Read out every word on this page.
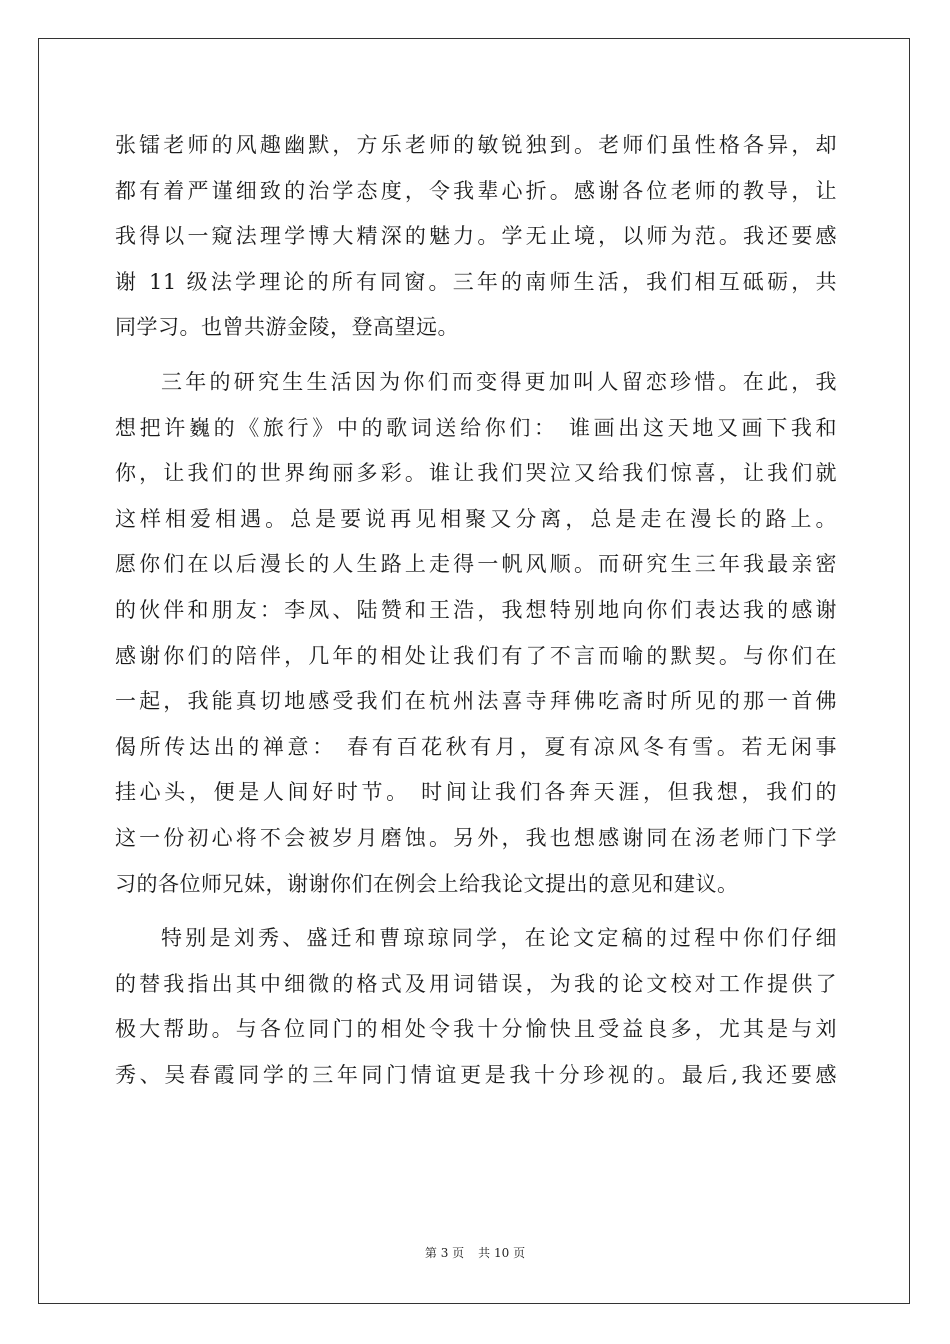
张镭老师的风趣幽默，方乐老师的敏锐独到。老师们虽性格各异，却
都有着严谨细致的治学态度，令我辈心折。感谢各位老师的教导，让
我得以一窥法理学博大精深的魅力。学无止境，以师为范。我还要感
谢 11 级法学理论的所有同窗。三年的南师生活，我们相互砥砺，共
同学习。也曾共游金陵，登高望远。
三年的研究生生活因为你们而变得更加叫人留恋珍惜。在此，我
想把许巍的《旅行》中的歌词送给你们： 谁画出这天地又画下我和
你，让我们的世界绚丽多彩。谁让我们哭泣又给我们惊喜，让我们就
这样相爱相遇。总是要说再见相聚又分离，总是走在漫长的路上。
愿你们在以后漫长的人生路上走得一帆风顺。而研究生三年我最亲密
的伙伴和朋友：李凤、陆赞和王浩，我想特别地向你们表达我的感谢
感谢你们的陪伴，几年的相处让我们有了不言而喻的默契。与你们在
一起，我能真切地感受我们在杭州法喜寺拜佛吃斋时所见的那一首佛
偈所传达出的禅意： 春有百花秋有月，夏有凉风冬有雪。若无闲事
挂心头，便是人间好时节。 时间让我们各奔天涯，但我想，我们的
这一份初心将不会被岁月磨蚀。另外，我也想感谢同在汤老师门下学
习的各位师兄妹，谢谢你们在例会上给我论文提出的意见和建议。
特别是刘秀、盛迁和曹琼琼同学，在论文定稿的过程中你们仔细
的替我指出其中细微的格式及用词错误，为我的论文校对工作提供了
极大帮助。与各位同门的相处令我十分愉快且受益良多，尤其是与刘
秀、吴春霞同学的三年同门情谊更是我十分珍视的。最后,我还要感
第 3 页 共 10 页
